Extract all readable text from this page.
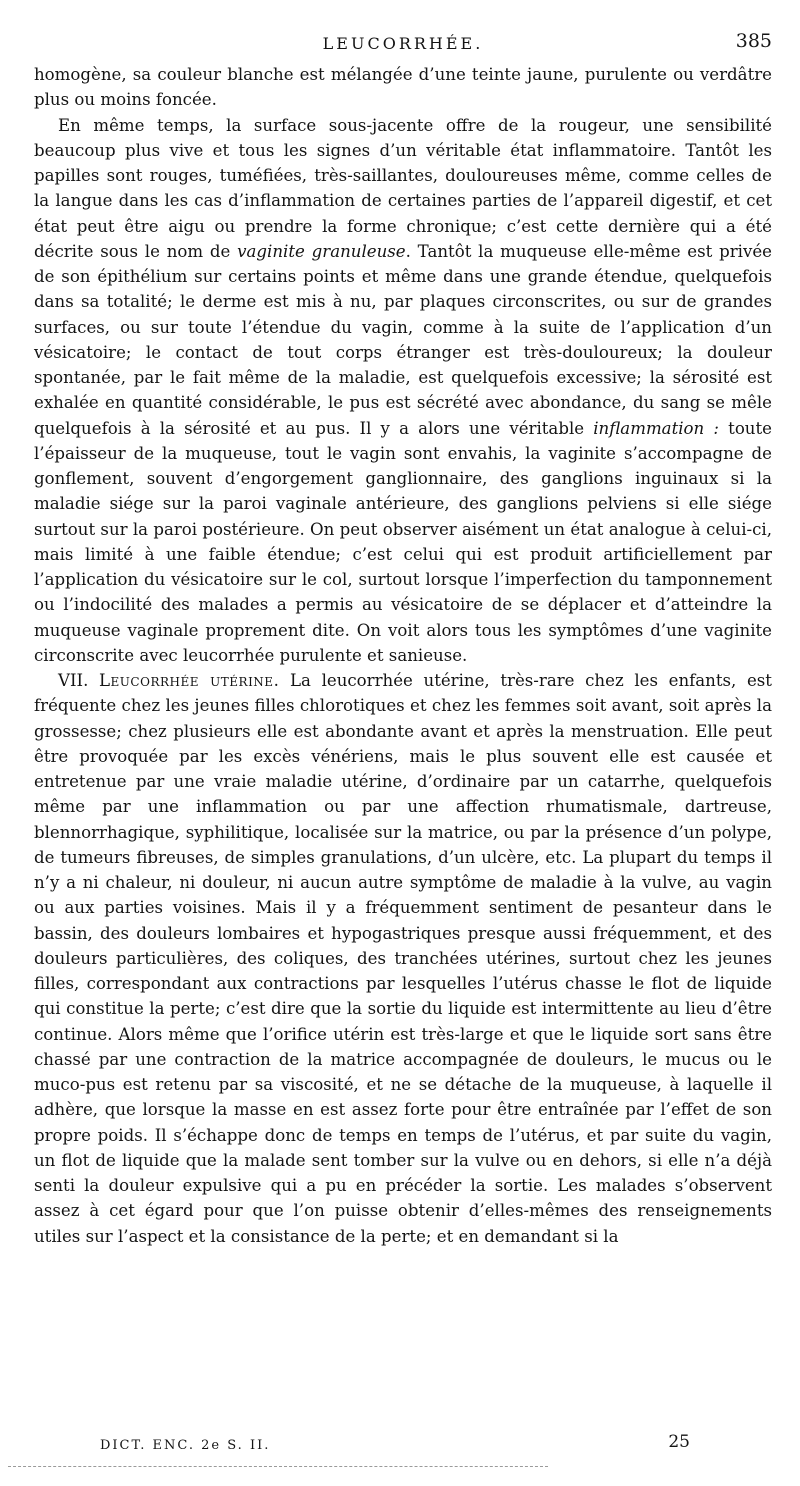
LEUCORRHÉE.	385

homogène, sa couleur blanche est mélangée d’une teinte jaune, purulente ou verdâtre plus ou moins foncée.

En même temps, la surface sous-jacente offre de la rougeur, une sensibilité beaucoup plus vive et tous les signes d’un véritable état inflammatoire. Tantôt les papilles sont rouges, tuméfiées, très-saillantes, douloureuses même, comme celles de la langue dans les cas d’inflammation de certaines parties de l’appareil digestif, et cet état peut être aigu ou prendre la forme chronique; c’est cette dernière qui a été décrite sous le nom de vaginite granuleuse. Tantôt la muqueuse elle-même est privée de son épithélium sur certains points et même dans une grande étendue, quelquefois dans sa totalité; le derme est mis à nu, par plaques circonscrites, ou sur de grandes surfaces, ou sur toute l’étendue du vagin, comme à la suite de l’application d’un vésicatoire; le contact de tout corps étranger est très-douloureux; la douleur spontanée, par le fait même de la maladie, est quelquefois excessive; la sérosité est exhalée en quantité considérable, le pus est sécrété avec abondance, du sang se mêle quelquefois à la sérosité et au pus. Il y a alors une véritable inflammation : toute l’épaisseur de la muqueuse, tout le vagin sont envahis, la vaginite s’accompagne de gonflement, souvent d’engorgement ganglionnaire, des ganglions inguinaux si la maladie siége sur la paroi vaginale antérieure, des ganglions pelviens si elle siége surtout sur la paroi postérieure. On peut observer aisément un état analogue à celui-ci, mais limité à une faible étendue; c’est celui qui est produit artificiellement par l’application du vésicatoire sur le col, surtout lorsque l’imperfection du tamponnement ou l’indocilité des malades a permis au vésicatoire de se déplacer et d’atteindre la muqueuse vaginale proprement dite. On voit alors tous les symptômes d’une vaginite circonscrite avec leucorrhée purulente et sanieuse.

VII. Leucorrhée utérine. La leucorrhée utérine, très-rare chez les enfants, est fréquente chez les jeunes filles chlorotiques et chez les femmes soit avant, soit après la grossesse; chez plusieurs elle est abondante avant et après la menstruation. Elle peut être provoquée par les excès vénériens, mais le plus souvent elle est causée et entretenue par une vraie maladie utérine, d’ordinaire par un catarrhe, quelquefois même par une inflammation ou par une affection rhumatismale, dartreuse, blennorrhagique, syphilitique, localisée sur la matrice, ou par la présence d’un polype, de tumeurs fibreuses, de simples granulations, d’un ulcère, etc. La plupart du temps il n’y a ni chaleur, ni douleur, ni aucun autre symptôme de maladie à la vulve, au vagin ou aux parties voisines. Mais il y a fréquemment sentiment de pesanteur dans le bassin, des douleurs lombaires et hypogastriques presque aussi fréquemment, et des douleurs particulières, des coliques, des tranchées utérines, surtout chez les jeunes filles, correspondant aux contractions par lesquelles l’utérus chasse le flot de liquide qui constitue la perte; c’est dire que la sortie du liquide est intermittente au lieu d’être continue. Alors même que l’orifice utérin est très-large et que le liquide sort sans être chassé par une contraction de la matrice accompagnée de douleurs, le mucus ou le muco-pus est retenu par sa viscosité, et ne se détache de la muqueuse, à laquelle il adhère, que lorsque la masse en est assez forte pour être entraînée par l’effet de son propre poids. Il s’échappe donc de temps en temps de l’utérus, et par suite du vagin, un flot de liquide que la malade sent tomber sur la vulve ou en dehors, si elle n’a déjà senti la douleur expulsive qui a pu en précéder la sortie. Les malades s’observent assez à cet égard pour que l’on puisse obtenir d’elles-mêmes des renseignements utiles sur l’aspect et la consistance de la perte; et en demandant si la

DICT. ENC. 2e S. II.	25
